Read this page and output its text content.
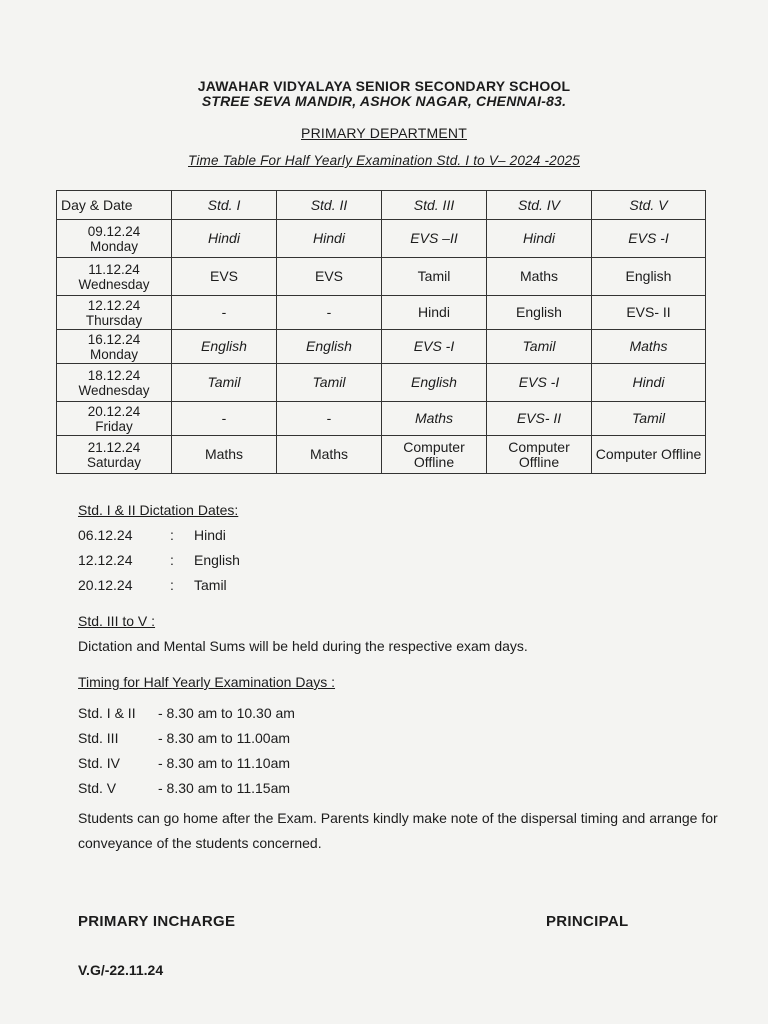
JAWAHAR VIDYALAYA SENIOR SECONDARY SCHOOL
STREE SEVA MANDIR, ASHOK NAGAR, CHENNAI-83.
PRIMARY DEPARTMENT
Time Table For Half Yearly Examination Std. I to V– 2024 -2025
Day & Date	Std. I	Std. II	Std. III	Std. IV	Std. V

09.12.24
Monday	Hindi	Hindi	EVS –II	Hindi	EVS -I

11.12.24
Wednesday	EVS	EVS	Tamil	Maths	English

12.12.24
Thursday	-	-	Hindi	English	EVS- II

16.12.24
Monday	English	English	EVS -I	Tamil	Maths

18.12.24
Wednesday	Tamil	Tamil	English	EVS -I	Hindi

20.12.24
Friday	-	-	Maths	EVS- II	Tamil

21.12.24
Saturday	Maths	Maths	Computer Offline	Computer Offline	Computer Offline
Std. I & II Dictation Dates:
06.12.24	: Hindi
12.12.24	: English
20.12.24	: Tamil
Std. III to V :
Dictation and Mental Sums will be held during the respective exam days.
Timing for Half Yearly Examination Days :
Std. I & II - 8.30 am to 10.30 am
Std. III	- 8.30 am to 11.00am
Std. IV	- 8.30 am to 11.10am
Std. V	- 8.30 am to 11.15am
Students can go home after the Exam. Parents kindly make note of the dispersal timing and arrange for conveyance of the students concerned.
PRIMARY INCHARGE	PRINCIPAL
V.G/-22.11.24
